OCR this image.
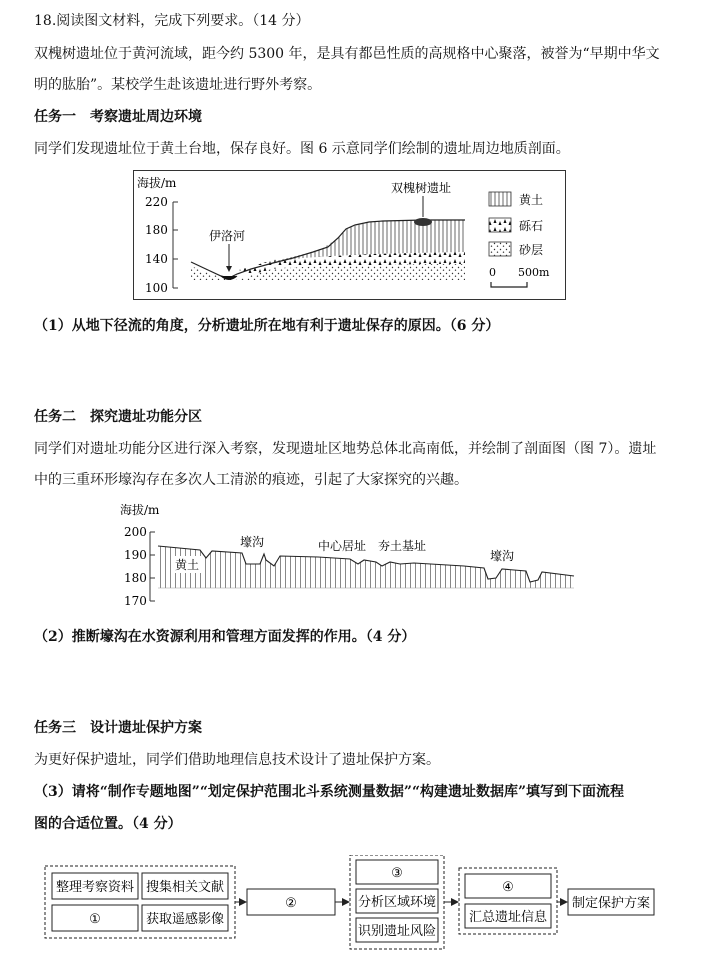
18.阅读图文材料，完成下列要求。（14 分）
双槐树遗址位于黄河流域，距今约 5300 年，是具有都邑性质的高规格中心聚落，被誉为“早期中华文
明的肱胎”。某校学生赴该遗址进行野外考察。
任务一　考察遗址周边环境
同学们发现遗址位于黄土台地，保存良好。图 6 示意同学们绘制的遗址周边地质剖面。
海拔/m
220
180
140
100
伊洛河
双槐树遗址
黄土
砾石
砂层
0　　500m
（1）从地下径流的角度，分析遗址所在地有利于遗址保存的原因。（6 分）
任务二　探究遗址功能分区
同学们对遗址功能分区进行深入考察，发现遗址区地势总体北高南低，并绘制了剖面图（图 7）。遗址
中的三重环形壕沟存在多次人工清淤的痕迹，引起了大家探究的兴趣。
海拔/m
200
190
180
170
黄土
壕沟	中心居址 夯土基址
壕沟
（2）推断壕沟在水资源利用和管理方面发挥的作用。（4 分）
任务三　设计遗址保护方案
为更好保护遗址，同学们借助地理信息技术设计了遗址保护方案。
（3）请将“制作专题地图”“划定保护范围北斗系统测量数据”“构建遗址数据库”填写到下面流程
图的合适位置。（4 分）
整理考察资料 搜集相关文献
①	获取遥感影像
②
③
分析区域环境
识别遗址风险
④
汇总遗址信息
制定保护方案
